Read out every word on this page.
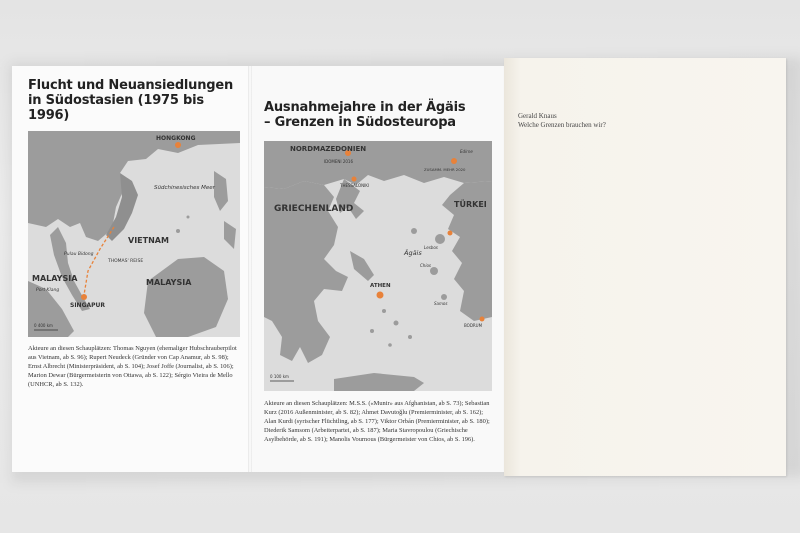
Flucht und Neuansiedlungen in Südostasien (1975 bis 1996)
HONGKONG
VIETNAM
Südchinesisches Meer
THOMAS' REISE
Pulau Bidong
MALAYSIA	MALAYSIA
SINGAPUR
Port Klang
0 400 km
Akteure an diesen Schauplätzen: Thomas Nguyen (ehemaliger Hubschrauberpilot aus Vietnam, ab S. 96); Rupert Neudeck (Gründer von Cap Anamur, ab S. 98); Ernst Albrecht (Ministerpräsident, ab S. 104); Josef Joffe (Journalist, ab S. 106); Marion Dewar (Bürgermeisterin von Ottawa, ab S. 122); Sérgio Vieira de Mello (UNHCR, ab S. 132).
Ausnahmejahre in der Ägäis – Grenzen in Südosteuropa
NORDMAZEDONIEN
IDOMENI 2016
THESSALONIKI
Edirne
ZUSAMM. MEHR 2020
GRIECHENLAND	TÜRKEI
Lesbos
Ägäis
ATHEN
Chios
Samos
BODRUM
0 100 km
Akteure an diesen Schauplätzen: M.S.S. («Munir» aus Afghanistan, ab S. 73); Sebastian Kurz (2016 Außenminister, ab S. 82); Ahmet Davutoğlu (Premierminister, ab S. 162); Alan Kurdi (syrischer Flüchtling, ab S. 177); Viktor Orbán (Premierminister, ab S. 180); Diederik Samsom (Arbeiterpartei, ab S. 187); Maria Stavropoulou (Griechische Asylbehörde, ab S. 191); Manolis Vournous (Bürgermeister von Chios, ab S. 196).
Gerald Knaus
Welche Grenzen brauchen wir?
